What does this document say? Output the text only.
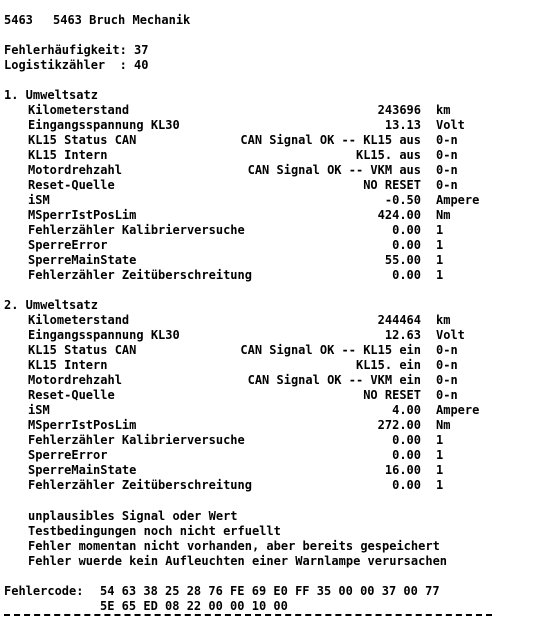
5463

5463 Bruch Mechanik

Fehlerhäufigkeit: 37

Logistikzähler  : 40

1. Umweltsatz
Kilometerstand	243696 km
Eingangsspannung KL30	13.13 Volt
KL15 Status CAN	CAN Signal OK -- KL15 aus 0-n
KL15 Intern	KL15. aus 0-n
Motordrehzahl	CAN Signal OK -- VKM aus 0-n
Reset-Quelle	NO RESET 0-n
iSM	-0.50 Ampere
MSperrIstPosLim	424.00 Nm
Fehlerzähler Kalibrierversuche	0.00 1
SperreError	0.00 1
SperreMainState	55.00 1
Fehlerzähler Zeitüberschreitung	0.00 1
2. Umweltsatz
Kilometerstand	244464 km
Eingangsspannung KL30	12.63 Volt
KL15 Status CAN	CAN Signal OK -- KL15 ein 0-n
KL15 Intern	KL15. ein 0-n
Motordrehzahl	CAN Signal OK -- VKM ein 0-n
Reset-Quelle	NO RESET 0-n
iSM	4.00 Ampere
MSperrIstPosLim	272.00 Nm
Fehlerzähler Kalibrierversuche	0.00 1
SperreError	0.00 1
SperreMainState	16.00 1
Fehlerzähler Zeitüberschreitung	0.00 1
unplausibles Signal oder Wert
Testbedingungen noch nicht erfuellt
Fehler momentan nicht vorhanden, aber bereits gespeichert
Fehler wuerde kein Aufleuchten einer Warnlampe verursachen

Fehlercode:

54 63 38 25 28 76 FE 69 E0 FF 35 00 00 37 00 77

5E 65 ED 08 22 00 00 10 00
